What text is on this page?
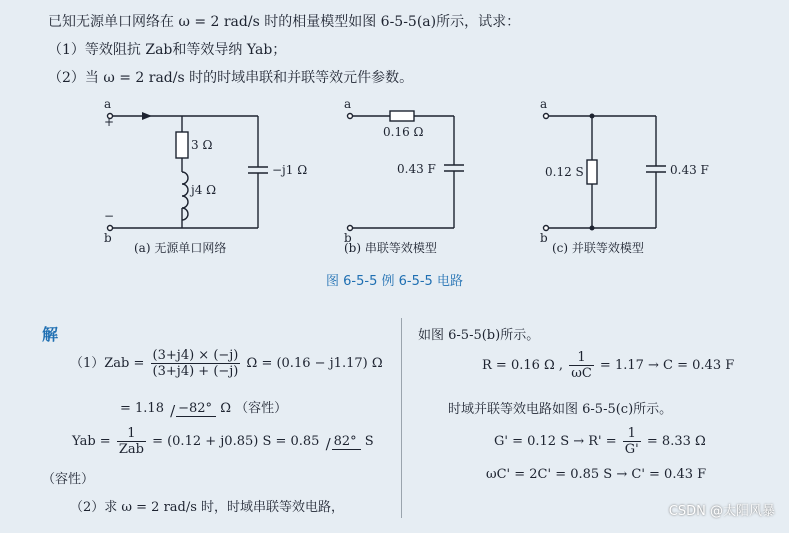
已知无源单口网络在 ω = 2 rad/s 时的相量模型如图 6-5-5(a)所示，试求：
（1）等效阻抗 Zab和等效导纳 Yab；
（2）当 ω = 2 rad/s 时的时域串联和并联等效元件参数。
a
+
−
b
3 Ω
j4 Ω
−j1 Ω
(a) 无源单口网络
a
b
0.16 Ω
0.43 F
(b) 串联等效模型
a
b
0.12 S	0.43 F
(c) 并联等效模型
图 6-5-5 例 6-5-5 电路
解
$(1)Zab = \frac{(3+j4) \times (-j)}{(3+j4) + (-j)}$ Ω = (0.16 − j1.17) Ω
= 1.18 / −82° Ω （容性）
Yab = $\frac{1}{\text{Zab}} = (0.12 + j0.85) S = 0.85 / 82^\circ$ S
（容性）
（2）求 ω = 2 rad/s 时，时域串联等效电路，
如图 6-5-5(b)所示。
R = 0.16 Ω , $\frac{1}{\omega C} = 1.17 \to C = 0.43$ F
时域并联等效电路如图 6-5-5(c)所示。
G' = 0.12 $S \to R' = \frac{1}{G'} = 8.33$ Ω
ωC' = 2C' = 0.85 S → C' = 0.43 F
CSDN @太阳风暴
